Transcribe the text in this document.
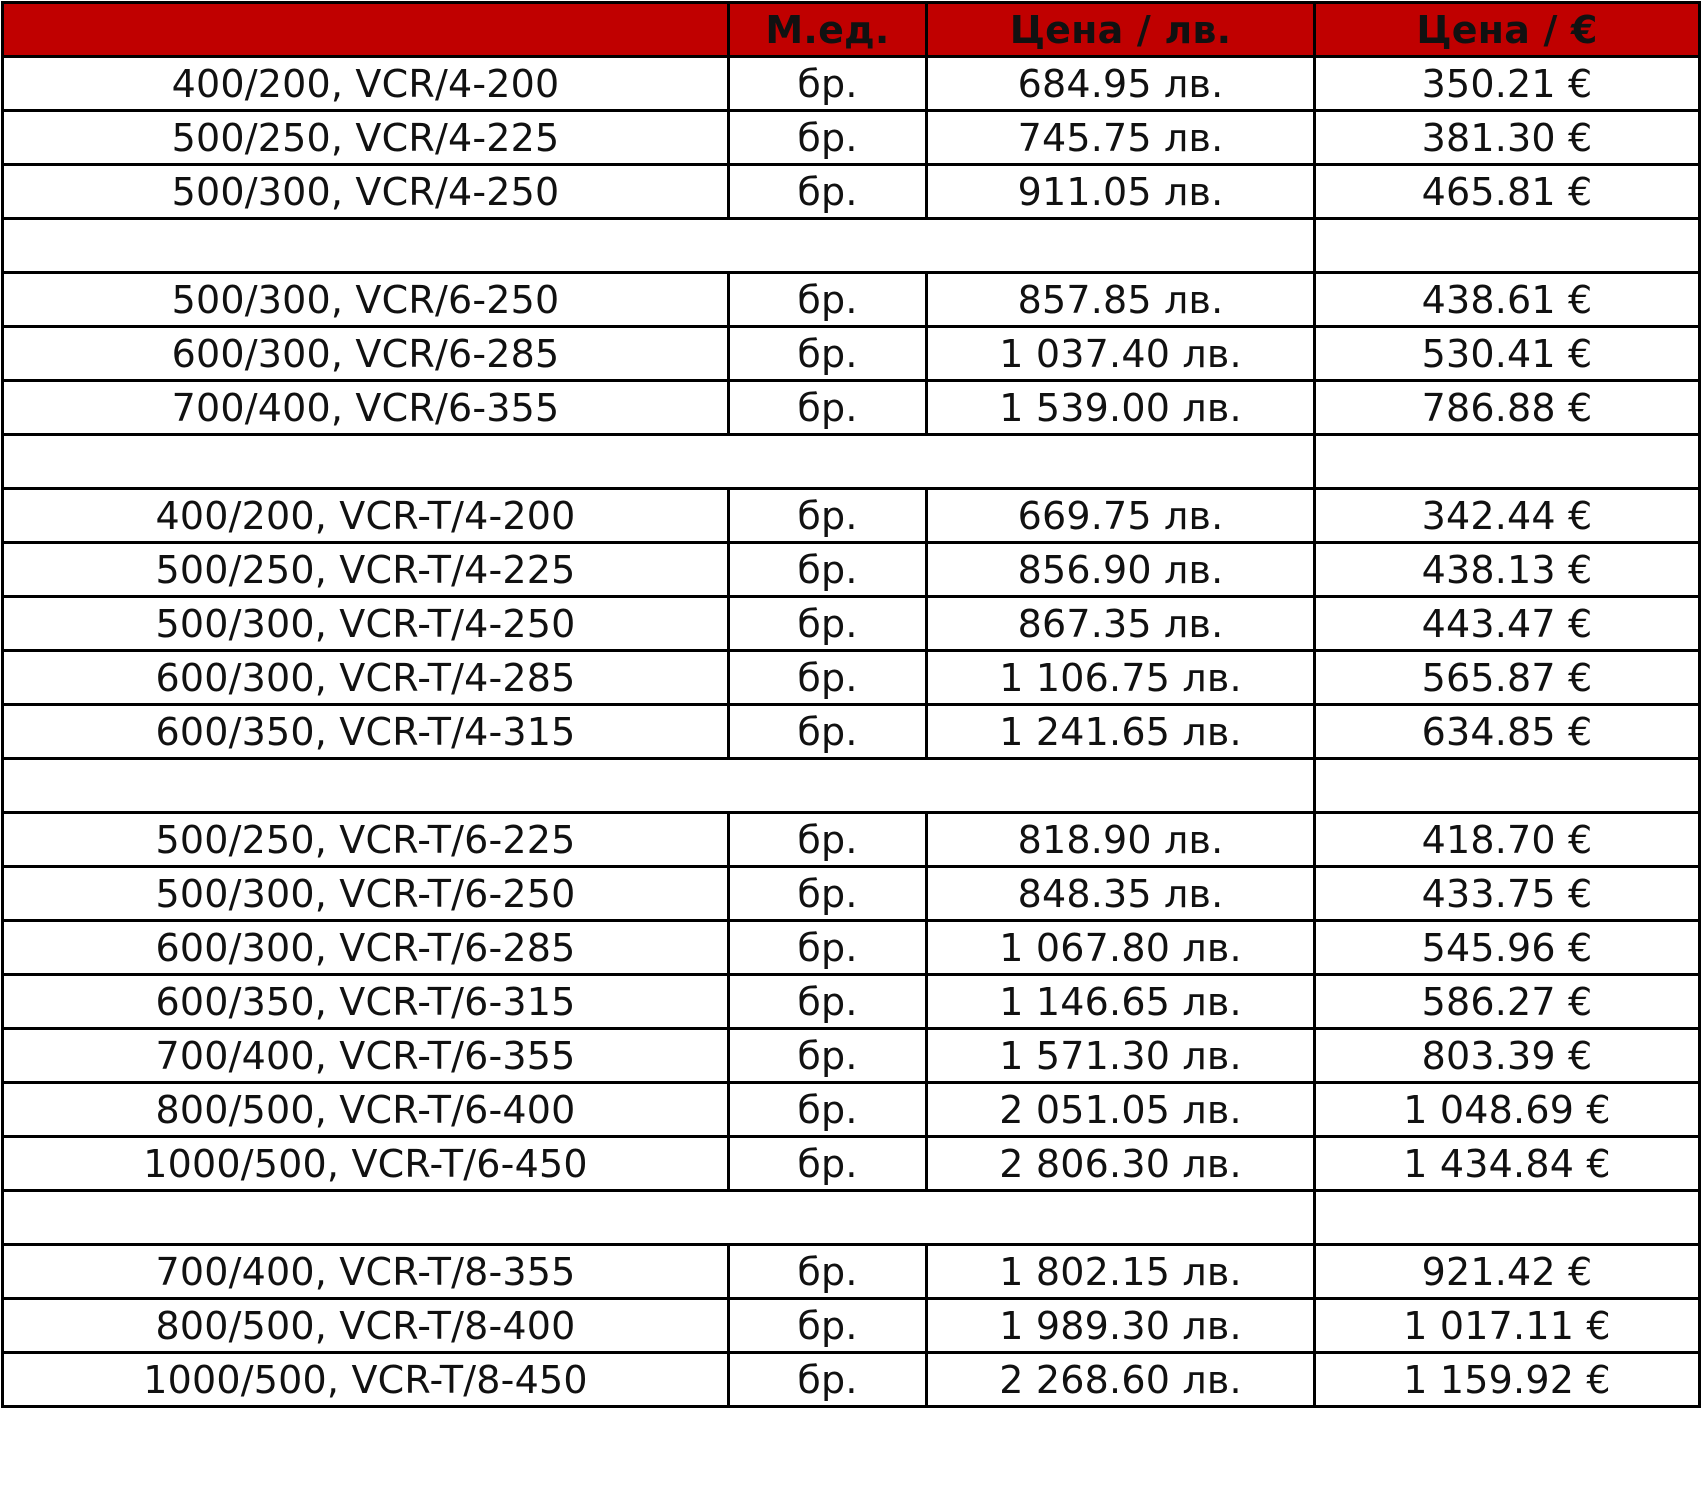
	М.ед.	Цена / лв.	Цена / €
400/200, VCR/4-200	бр.	684.95 лв.	350.21 €
500/250, VCR/4-225	бр.	745.75 лв.	381.30 €
500/300, VCR/4-250	бр.	911.05 лв.	465.81 €

500/300, VCR/6-250	бр.	857.85 лв.	438.61 €
600/300, VCR/6-285	бр.	1 037.40 лв.	530.41 €
700/400, VCR/6-355	бр.	1 539.00 лв.	786.88 €

400/200, VCR-T/4-200	бр.	669.75 лв.	342.44 €
500/250, VCR-T/4-225	бр.	856.90 лв.	438.13 €
500/300, VCR-T/4-250	бр.	867.35 лв.	443.47 €
600/300, VCR-T/4-285	бр.	1 106.75 лв.	565.87 €
600/350, VCR-T/4-315	бр.	1 241.65 лв.	634.85 €

500/250, VCR-T/6-225	бр.	818.90 лв.	418.70 €
500/300, VCR-T/6-250	бр.	848.35 лв.	433.75 €
600/300, VCR-T/6-285	бр.	1 067.80 лв.	545.96 €
600/350, VCR-T/6-315	бр.	1 146.65 лв.	586.27 €
700/400, VCR-T/6-355	бр.	1 571.30 лв.	803.39 €
800/500, VCR-T/6-400	бр.	2 051.05 лв.	1 048.69 €
1000/500, VCR-T/6-450	бр.	2 806.30 лв.	1 434.84 €

700/400, VCR-T/8-355	бр.	1 802.15 лв.	921.42 €
800/500, VCR-T/8-400	бр.	1 989.30 лв.	1 017.11 €
1000/500, VCR-T/8-450	бр.	2 268.60 лв.	1 159.92 €
